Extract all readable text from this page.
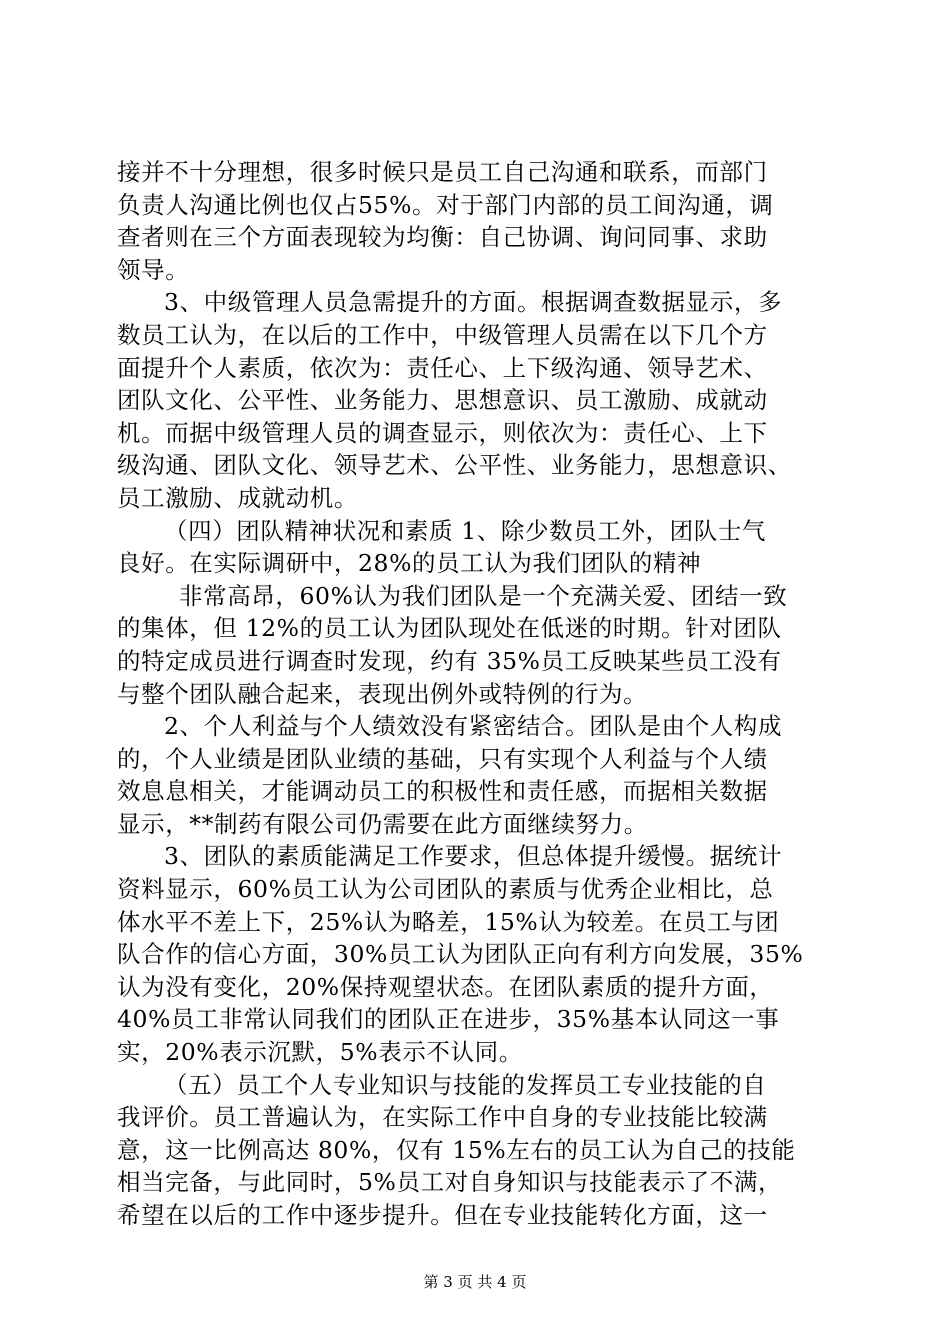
接并不十分理想，很多时候只是员工自己沟通和联系，而部门
负责人沟通比例也仅占55%。对于部门内部的员工间沟通，调
查者则在三个方面表现较为均衡：自己协调、询问同事、求助
领导。
3、中级管理人员急需提升的方面。根据调查数据显示，多
数员工认为，在以后的工作中，中级管理人员需在以下几个方
面提升个人素质，依次为：责任心、上下级沟通、领导艺术、
团队文化、公平性、业务能力、思想意识、员工激励、成就动
机。而据中级管理人员的调查显示，则依次为：责任心、上下
级沟通、团队文化、领导艺术、公平性、业务能力，思想意识、
员工激励、成就动机。
（四）团队精神状况和素质 1、除少数员工外，团队士气
良好。在实际调研中，28%的员工认为我们团队的精神
非常高昂，60%认为我们团队是一个充满关爱、团结一致
的集体，但 12%的员工认为团队现处在低迷的时期。针对团队
的特定成员进行调查时发现，约有 35%员工反映某些员工没有
与整个团队融合起来，表现出例外或特例的行为。
2、个人利益与个人绩效没有紧密结合。团队是由个人构成
的，个人业绩是团队业绩的基础，只有实现个人利益与个人绩
效息息相关，才能调动员工的积极性和责任感，而据相关数据
显示，**制药有限公司仍需要在此方面继续努力。
3、团队的素质能满足工作要求，但总体提升缓慢。据统计
资料显示，60%员工认为公司团队的素质与优秀企业相比，总
体水平不差上下，25%认为略差，15%认为较差。在员工与团
队合作的信心方面，30%员工认为团队正向有利方向发展，35%
认为没有变化，20%保持观望状态。在团队素质的提升方面，
40%员工非常认同我们的团队正在进步，35%基本认同这一事
实，20%表示沉默，5%表示不认同。
（五）员工个人专业知识与技能的发挥员工专业技能的自
我评价。员工普遍认为，在实际工作中自身的专业技能比较满
意，这一比例高达 80%，仅有 15%左右的员工认为自己的技能
相当完备，与此同时，5%员工对自身知识与技能表示了不满，
希望在以后的工作中逐步提升。但在专业技能转化方面，这一
第 3 页 共 4 页
